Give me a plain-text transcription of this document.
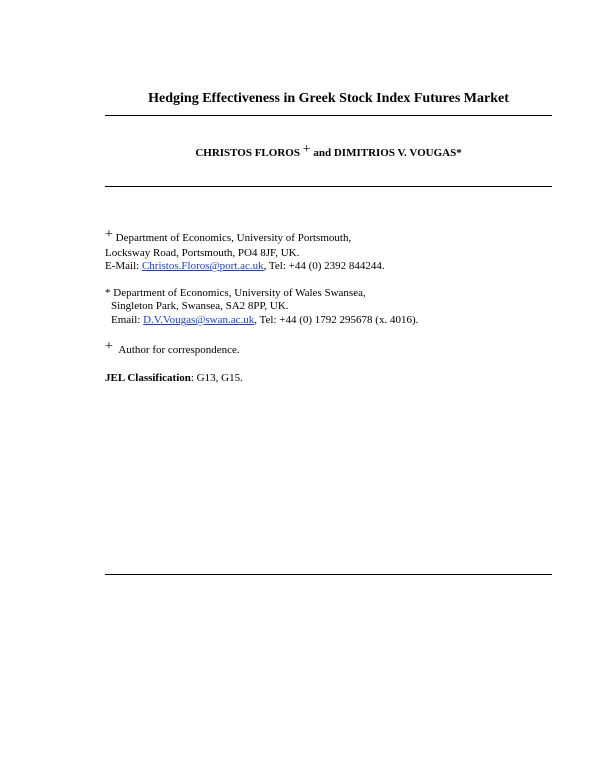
Hedging Effectiveness in Greek Stock Index Futures Market
CHRISTOS FLOROS + and DIMITRIOS V. VOUGAS*
+ Department of Economics, University of Portsmouth,
Locksway Road, Portsmouth, PO4 8JF, UK.
E-Mail: Christos.Floros@port.ac.uk, Tel: +44 (0) 2392 844244.
* Department of Economics, University of Wales Swansea,
Singleton Park, Swansea, SA2 8PP, UK.
Email: D.V.Vougas@swan.ac.uk, Tel: +44 (0) 1792 295678 (x. 4016).
+ Author for correspondence.
JEL Classification: G13, G15.
